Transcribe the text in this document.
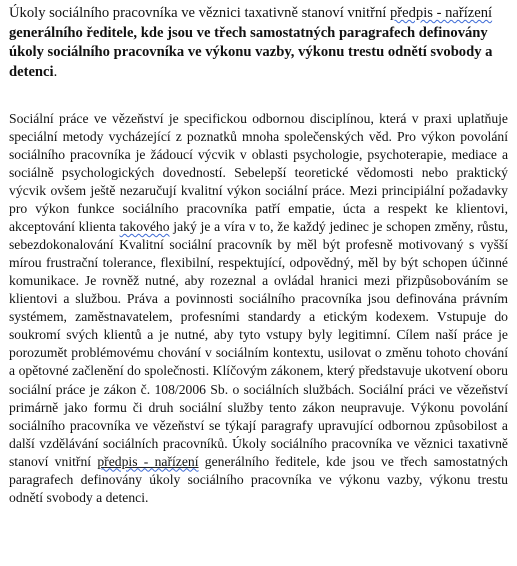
Úkoly sociálního pracovníka ve věznici taxativně stanoví vnitřní předpis - nařízení generálního ředitele, kde jsou ve třech samostatných paragrafech definovány úkoly sociálního pracovníka ve výkonu vazby, výkonu trestu odnětí svobody a detenci.

Sociální práce ve vězeňství je specifickou odbornou disciplínou, která v praxi uplatňuje speciální metody vycházející z poznatků mnoha společenských věd. Pro výkon povolání sociálního pracovníka je žádoucí výcvik v oblasti psychologie, psychoterapie, mediace a sociálně psychologických dovedností. Sebelepší teoretické vědomosti nebo praktický výcvik ovšem ještě nezaručují kvalitní výkon sociální práce. Mezi principiální požadavky pro výkon funkce sociálního pracovníka patří empatie, úcta a respekt ke klientovi, akceptování klienta takového jaký je a víra v to, že každý jedinec je schopen změny, růstu, sebezdokonalování Kvalitní sociální pracovník by měl být profesně motivovaný s vyšší mírou frustrační tolerance, flexibilní, respektující, odpovědný, měl by být schopen účinné komunikace. Je rovněž nutné, aby rozeznal a ovládal hranici mezi přizpůsobováním se klientovi a službou. Práva a povinnosti sociálního pracovníka jsou definována právním systémem, zaměstnavatelem, profesními standardy a etickým kodexem. Vstupuje do soukromí svých klientů a je nutné, aby tyto vstupy byly legitimní. Cílem naší práce je porozumět problémovému chování v sociálním kontextu, usilovat o změnu tohoto chování a opětovné začlenění do společnosti. Klíčovým zákonem, který představuje ukotvení oboru sociální práce je zákon č. 108/2006 Sb. o sociálních službách. Sociální práci ve vězeňství primárně jako formu či druh sociální služby tento zákon neupravuje. Výkonu povolání sociálního pracovníka ve vězeňství se týkají paragrafy upravující odbornou způsobilost a další vzdělávání sociálních pracovníků. Úkoly sociálního pracovníka ve věznici taxativně stanoví vnitřní předpis - nařízení generálního ředitele, kde jsou ve třech samostatných paragrafech definovány úkoly sociálního pracovníka ve výkonu vazby, výkonu trestu odnětí svobody a detenci.
